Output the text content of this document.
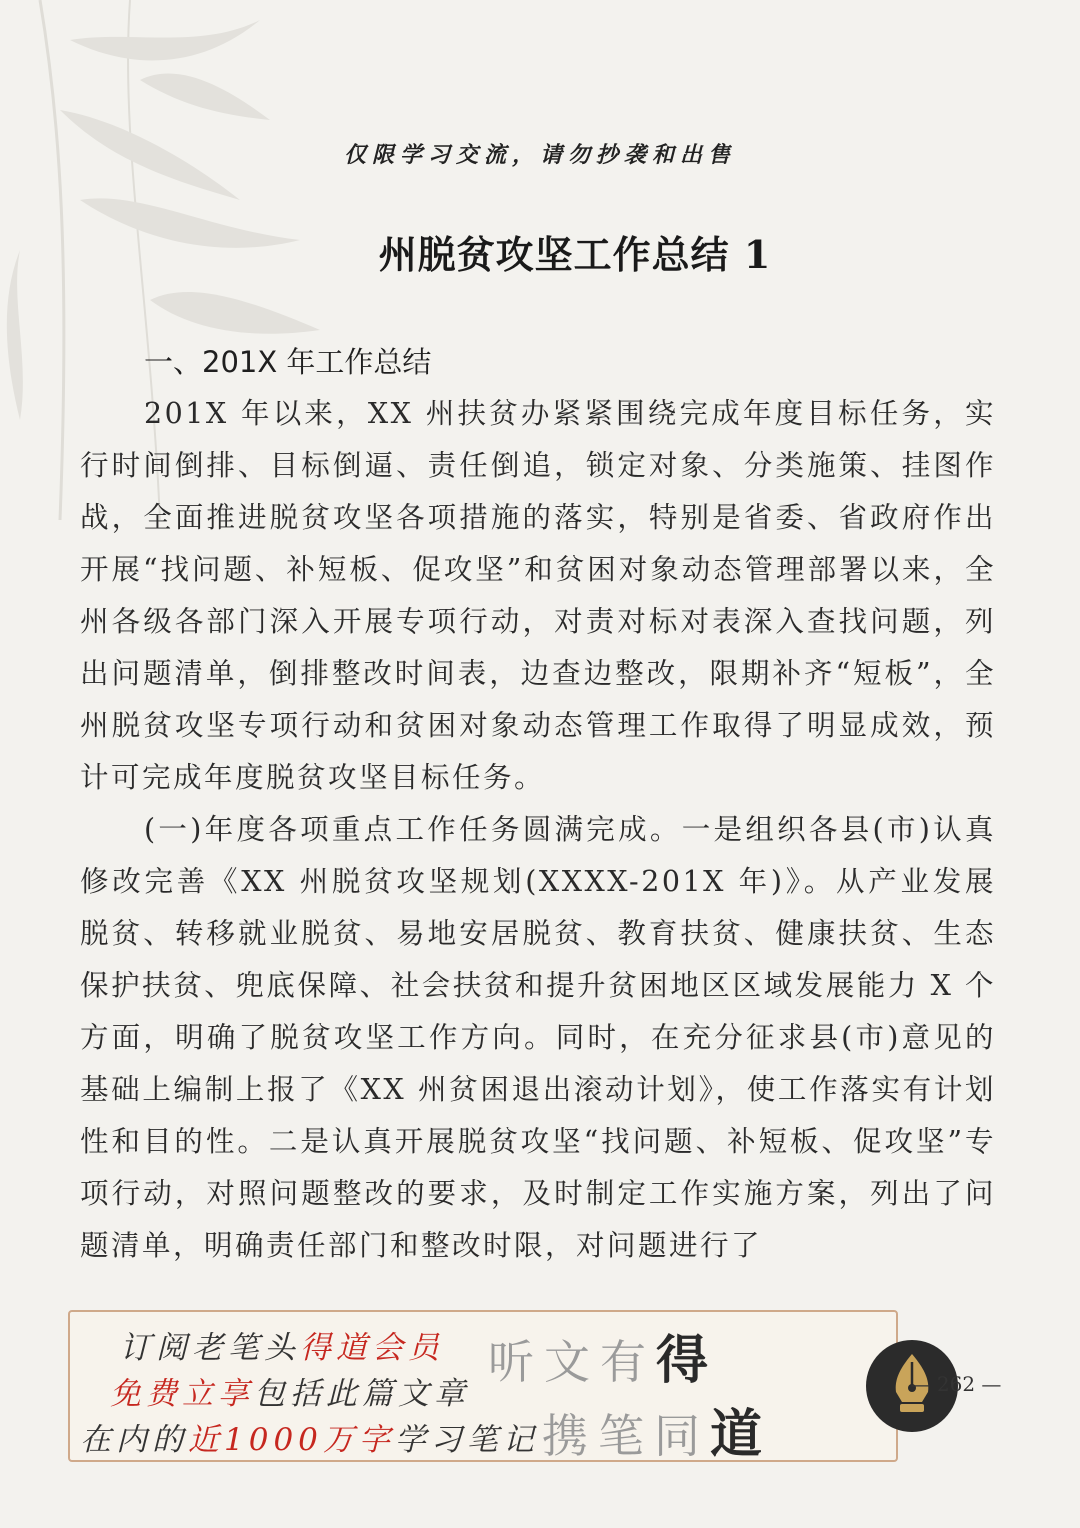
仅限学习交流，请勿抄袭和出售
州脱贫攻坚工作总结 1
一、201X 年工作总结

201X 年以来，XX 州扶贫办紧紧围绕完成年度目标任务，实行时间倒排、目标倒逼、责任倒追，锁定对象、分类施策、挂图作战，全面推进脱贫攻坚各项措施的落实，特别是省委、省政府作出开展“找问题、补短板、促攻坚”和贫困对象动态管理部署以来，全州各级各部门深入开展专项行动，对责对标对表深入查找问题，列出问题清单，倒排整改时间表，边查边整改，限期补齐“短板”，全州脱贫攻坚专项行动和贫困对象动态管理工作取得了明显成效，预计可完成年度脱贫攻坚目标任务。

(一)年度各项重点工作任务圆满完成。一是组织各县(市)认真修改完善《XX 州脱贫攻坚规划(XXXX-201X 年)》。从产业发展脱贫、转移就业脱贫、易地安居脱贫、教育扶贫、健康扶贫、生态保护扶贫、兜底保障、社会扶贫和提升贫困地区区域发展能力 X 个方面，明确了脱贫攻坚工作方向。同时，在充分征求县(市)意见的基础上编制上报了《XX 州贫困退出滚动计划》，使工作落实有计划性和目的性。二是认真开展脱贫攻坚“找问题、补短板、促攻坚”专项行动，对照问题整改的要求，及时制定工作实施方案，列出了问题清单，明确责任部门和整改时限，对问题进行了

订阅老笔头得道会员
免费立享包括此篇文章
在内的近1000万字学习笔记
听文有得
携笔同道
— 262 —
